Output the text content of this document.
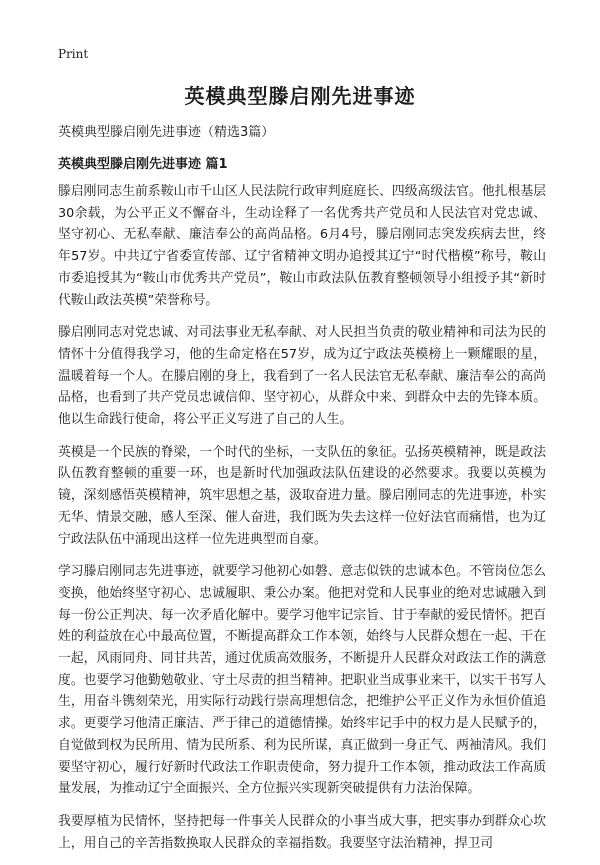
Print
英模典型滕启刚先进事迹
英模典型滕启刚先进事迹（精选3篇）
英模典型滕启刚先进事迹 篇1

滕启刚同志生前系鞍山市千山区人民法院行政审判庭庭长、四级高级法官。他扎根基层30余载，为公平正义不懈奋斗，生动诠释了一名优秀共产党员和人民法官对党忠诚、坚守初心、无私奉献、廉洁奉公的高尚品格。6月4号，滕启刚同志突发疾病去世，终年57岁。中共辽宁省委宣传部、辽宁省精神文明办追授其辽宁“时代楷模”称号，鞍山市委追授其为“鞍山市优秀共产党员”，鞍山市政法队伍教育整顿领导小组授予其“新时代鞍山政法英模”荣誉称号。

滕启刚同志对党忠诚、对司法事业无私奉献、对人民担当负责的敬业精神和司法为民的情怀十分值得我学习，他的生命定格在57岁，成为辽宁政法英模榜上一颗耀眼的星，温暖着每一个人。在滕启刚的身上，我看到了一名人民法官无私奉献、廉洁奉公的高尚品格，也看到了共产党员忠诚信仰、坚守初心，从群众中来、到群众中去的先锋本质。他以生命践行使命，将公平正义写进了自己的人生。

英模是一个民族的脊梁，一个时代的坐标，一支队伍的象征。弘扬英模精神，既是政法队伍教育整顿的重要一环，也是新时代加强政法队伍建设的必然要求。我要以英模为镜，深刻感悟英模精神，筑牢思想之基，汲取奋进力量。滕启刚同志的先进事迹，朴实无华、情景交融，感人至深、催人奋进，我们既为失去这样一位好法官而痛惜，也为辽宁政法队伍中涌现出这样一位先进典型而自豪。

学习滕启刚同志先进事迹，就要学习他初心如磐、意志似铁的忠诚本色。不管岗位怎么变换，他始终坚守初心、忠诚履职、秉公办案。他把对党和人民事业的绝对忠诚融入到每一份公正判决、每一次矛盾化解中。要学习他牢记宗旨、甘于奉献的爱民情怀。把百姓的利益放在心中最高位置，不断提高群众工作本领，始终与人民群众想在一起、干在一起，风雨同舟、同甘共苦，通过优质高效服务，不断提升人民群众对政法工作的满意度。也要学习他勤勉敬业、守土尽责的担当精神。把职业当成事业来干，以实干书写人生，用奋斗镌刻荣光，用实际行动践行崇高理想信念，把维护公平正义作为永恒价值追求。更要学习他清正廉洁、严于律己的道德情操。始终牢记手中的权力是人民赋予的，自觉做到权为民所用、情为民所系、利为民所谋，真正做到一身正气、两袖清风。我们要坚守初心，履行好新时代政法工作职责使命，努力提升工作本领，推动政法工作高质量发展，为推动辽宁全面振兴、全方位振兴实现新突破提供有力法治保障。

我要厚植为民情怀，坚持把每一件事关人民群众的小事当成大事，把实事办到群众心坎上，用自己的辛苦指数换取人民群众的幸福指数。我要坚守法治精神，捍卫司
